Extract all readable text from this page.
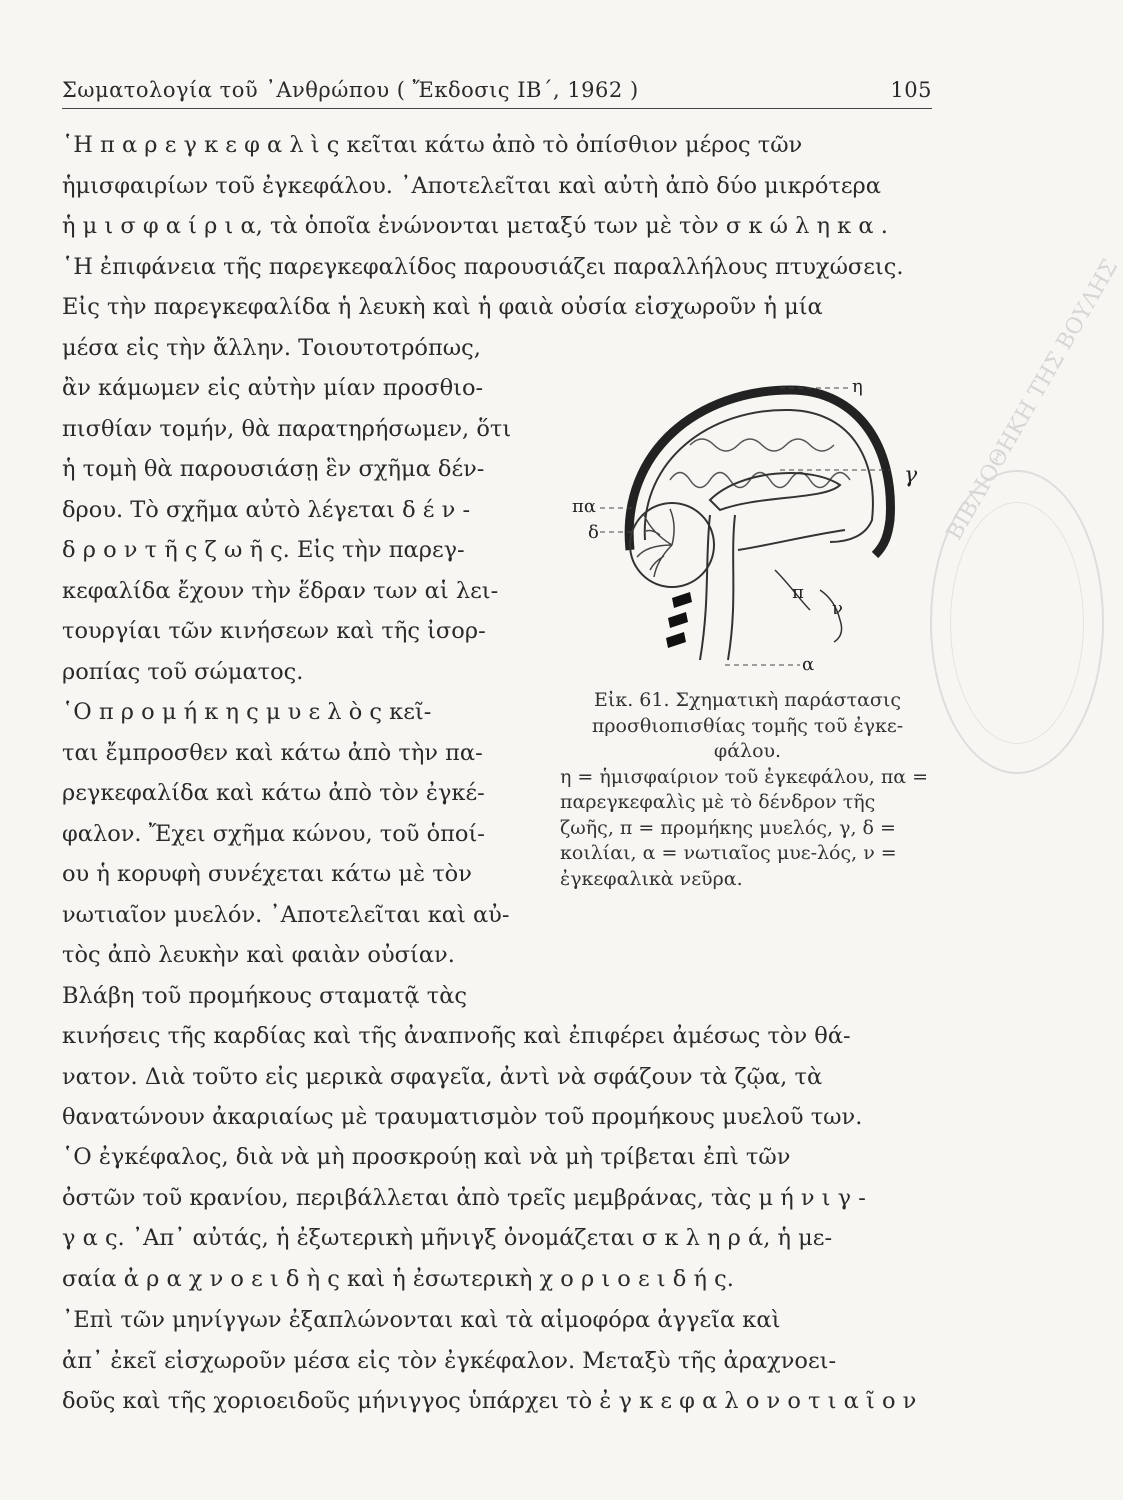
Σωματολογία τοῦ ᾿Ανθρώπου ( Ἔκδοσις ΙΒ΄, 1962 )	105

῾Η π α ρ ε γ κ ε φ α λ ὶ ς κεῖται κάτω ἀπὸ τὸ ὀπίσθιον μέρος τῶν
ἡμισφαιρίων τοῦ ἐγκεφάλου. ᾿Αποτελεῖται καὶ αὐτὴ ἀπὸ δύο μικρότερα
ἡ μ ι σ φ α ί ρ ι α, τὰ ὁποῖα ἑνώνονται μεταξύ των μὲ τὸν σ κ ώ λ η κ α .
῾Η ἐπιφάνεια τῆς παρεγκεφαλίδος παρουσιάζει παραλλήλους πτυχώσεις.
Εἰς τὴν παρεγκεφαλίδα ἡ λευκὴ καὶ ἡ φαιὰ οὐσία εἰσχωροῦν ἡ μία
μέσα εἰς τὴν ἄλλην. Τοιουτοτρόπως,

ἂν κάμωμεν εἰς αὐτὴν μίαν προσθιο-
πισθίαν τομήν, θὰ παρατηρήσωμεν, ὅτι
ἡ τομὴ θὰ παρουσιάσῃ ἓν σχῆμα δέν-
δρου. Τὸ σχῆμα αὐτὸ λέγεται δ έ ν -
δ ρ ο ν τ ῆ ς ζ ω ῆ ς. Εἰς τὴν παρεγ-
κεφαλίδα ἔχουν τὴν ἕδραν των αἱ λει-
τουργίαι τῶν κινήσεων καὶ τῆς ἰσορ-
ροπίας τοῦ σώματος.

῾Ο π ρ ο μ ή κ η ς μ υ ε λ ὸ ς κεῖ-
ται ἔμπροσθεν καὶ κάτω ἀπὸ τὴν πα-
ρεγκεφαλίδα καὶ κάτω ἀπὸ τὸν ἐγκέ-
φαλον. Ἔχει σχῆμα κώνου, τοῦ ὁποί-
ου ἡ κορυφὴ συνέχεται κάτω μὲ τὸν
νωτιαῖον μυελόν. ᾿Αποτελεῖται καὶ αὐ-
τὸς ἀπὸ λευκὴν καὶ φαιὰν οὐσίαν.
Βλάβη τοῦ προμήκους σταματᾷ τὰς

κινήσεις τῆς καρδίας καὶ τῆς ἀναπνοῆς καὶ ἐπιφέρει ἀμέσως τὸν θά-
νατον. Διὰ τοῦτο εἰς μερικὰ σφαγεῖα, ἀντὶ νὰ σφάζουν τὰ ζῷα, τὰ
θανατώνουν ἀκαριαίως μὲ τραυματισμὸν τοῦ προμήκους μυελοῦ των.

῾Ο ἐγκέφαλος, διὰ νὰ μὴ προσκρούῃ καὶ νὰ μὴ τρίβεται ἐπὶ τῶν
ὀστῶν τοῦ κρανίου, περιβάλλεται ἀπὸ τρεῖς μεμβράνας, τὰς μ ή ν ι γ -
γ α ς. ᾿Απ᾿ αὐτάς, ἡ ἐξωτερικὴ μῆνιγξ ὀνομάζεται σ κ λ η ρ ά, ἡ με-
σαία ἀ ρ α χ ν ο ε ι δ ὴ ς καὶ ἡ ἐσωτερικὴ χ ο ρ ι ο ε ι δ ή ς.

᾿Επὶ τῶν μηνίγγων ἐξαπλώνονται καὶ τὰ αἱμοφόρα ἀγγεῖα καὶ
ἀπ᾿ ἐκεῖ εἰσχωροῦν μέσα εἰς τὸν ἐγκέφαλον. Μεταξὺ τῆς ἀραχνοει-
δοῦς καὶ τῆς χοριοειδοῦς μήνιγγος ὑπάρχει τὸ ἐ γ κ ε φ α λ ο ν ο τ ι α ῖ ο ν

η
γ
πα
δ
π
ν
α
Εἰκ. 61. Σχηματικὴ παράστασις προσθιοπισθίας τομῆς τοῦ ἐγκε-φάλου.
η = ἡμισφαίριον τοῦ ἐγκεφάλου, πα = παρεγκεφαλὶς μὲ τὸ δένδρον τῆς ζωῆς, π = προμήκης μυελός, γ, δ = κοιλίαι, α = νωτιαῖος μυε-λός, ν = ἐγκεφαλικὰ νεῦρα.
ΒΙΒΛΙΟΘΗΚΗ ΤΗΣ ΒΟΥΛΗΣ
